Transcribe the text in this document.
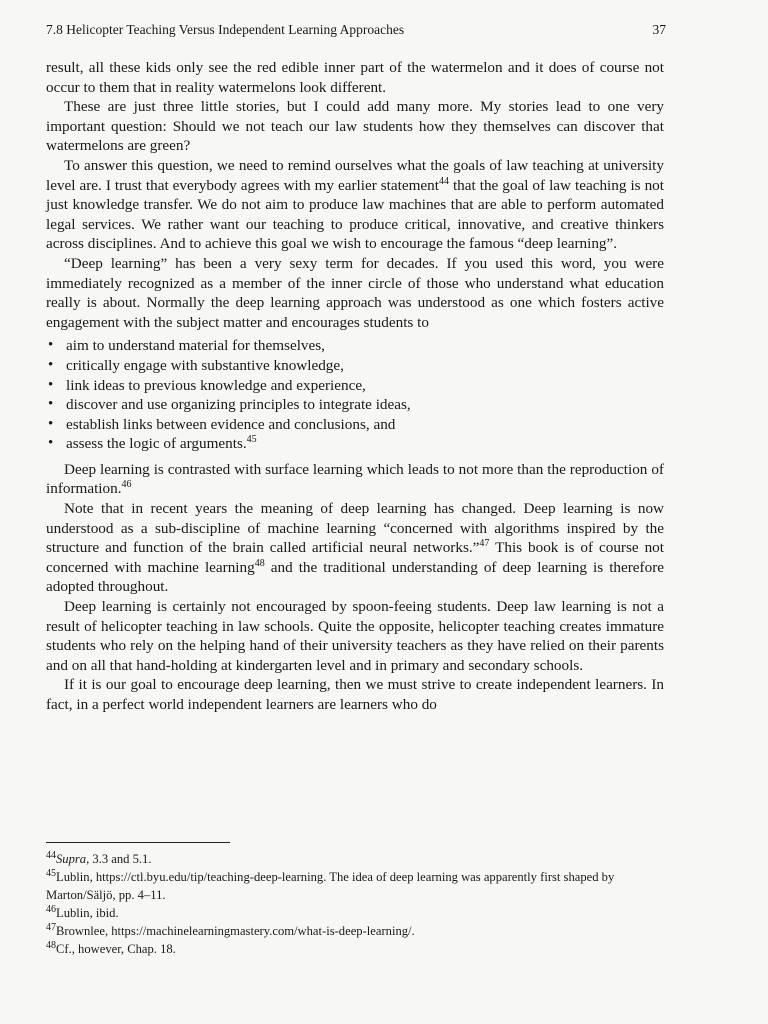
7.8 Helicopter Teaching Versus Independent Learning Approaches	37

result, all these kids only see the red edible inner part of the watermelon and it does of course not occur to them that in reality watermelons look different.

These are just three little stories, but I could add many more. My stories lead to one very important question: Should we not teach our law students how they themselves can discover that watermelons are green?

To answer this question, we need to remind ourselves what the goals of law teaching at university level are. I trust that everybody agrees with my earlier statement$^{44}$ that the goal of law teaching is not just knowledge transfer. We do not aim to produce law machines that are able to perform automated legal services. We rather want our teaching to produce critical, innovative, and creative thinkers across disciplines. And to achieve this goal we wish to encourage the famous “deep learning”.

“Deep learning” has been a very sexy term for decades. If you used this word, you were immediately recognized as a member of the inner circle of those who understand what education really is about. Normally the deep learning approach was understood as one which fosters active engagement with the subject matter and encourages students to

• aim to understand material for themselves,
• critically engage with substantive knowledge,
• link ideas to previous knowledge and experience,
• discover and use organizing principles to integrate ideas,
• establish links between evidence and conclusions, and
• assess the logic of arguments.$^{45}$

Deep learning is contrasted with surface learning which leads to not more than the reproduction of information.$^{46}$

Note that in recent years the meaning of deep learning has changed. Deep learning is now understood as a sub-discipline of machine learning “concerned with algorithms inspired by the structure and function of the brain called artificial neural networks.”$^{47}$ This book is of course not concerned with machine learning$^{48}$ and the traditional understanding of deep learning is therefore adopted throughout.

Deep learning is certainly not encouraged by spoon-feeing students. Deep law learning is not a result of helicopter teaching in law schools. Quite the opposite, helicopter teaching creates immature students who rely on the helping hand of their university teachers as they have relied on their parents and on all that hand-holding at kindergarten level and in primary and secondary schools.

If it is our goal to encourage deep learning, then we must strive to create independent learners. In fact, in a perfect world independent learners are learners who do

$^{44}$Supra, 3.3 and 5.1.

$^{45}$Lublin, https://ctl.byu.edu/tip/teaching-deep-learning. The idea of deep learning was apparently first shaped by Marton/Säljö, pp. 4–11.

$^{46}$Lublin, ibid.

$^{47}$Brownlee, https://machinelearningmastery.com/what-is-deep-learning/.

$^{48}$Cf., however, Chap. 18.
